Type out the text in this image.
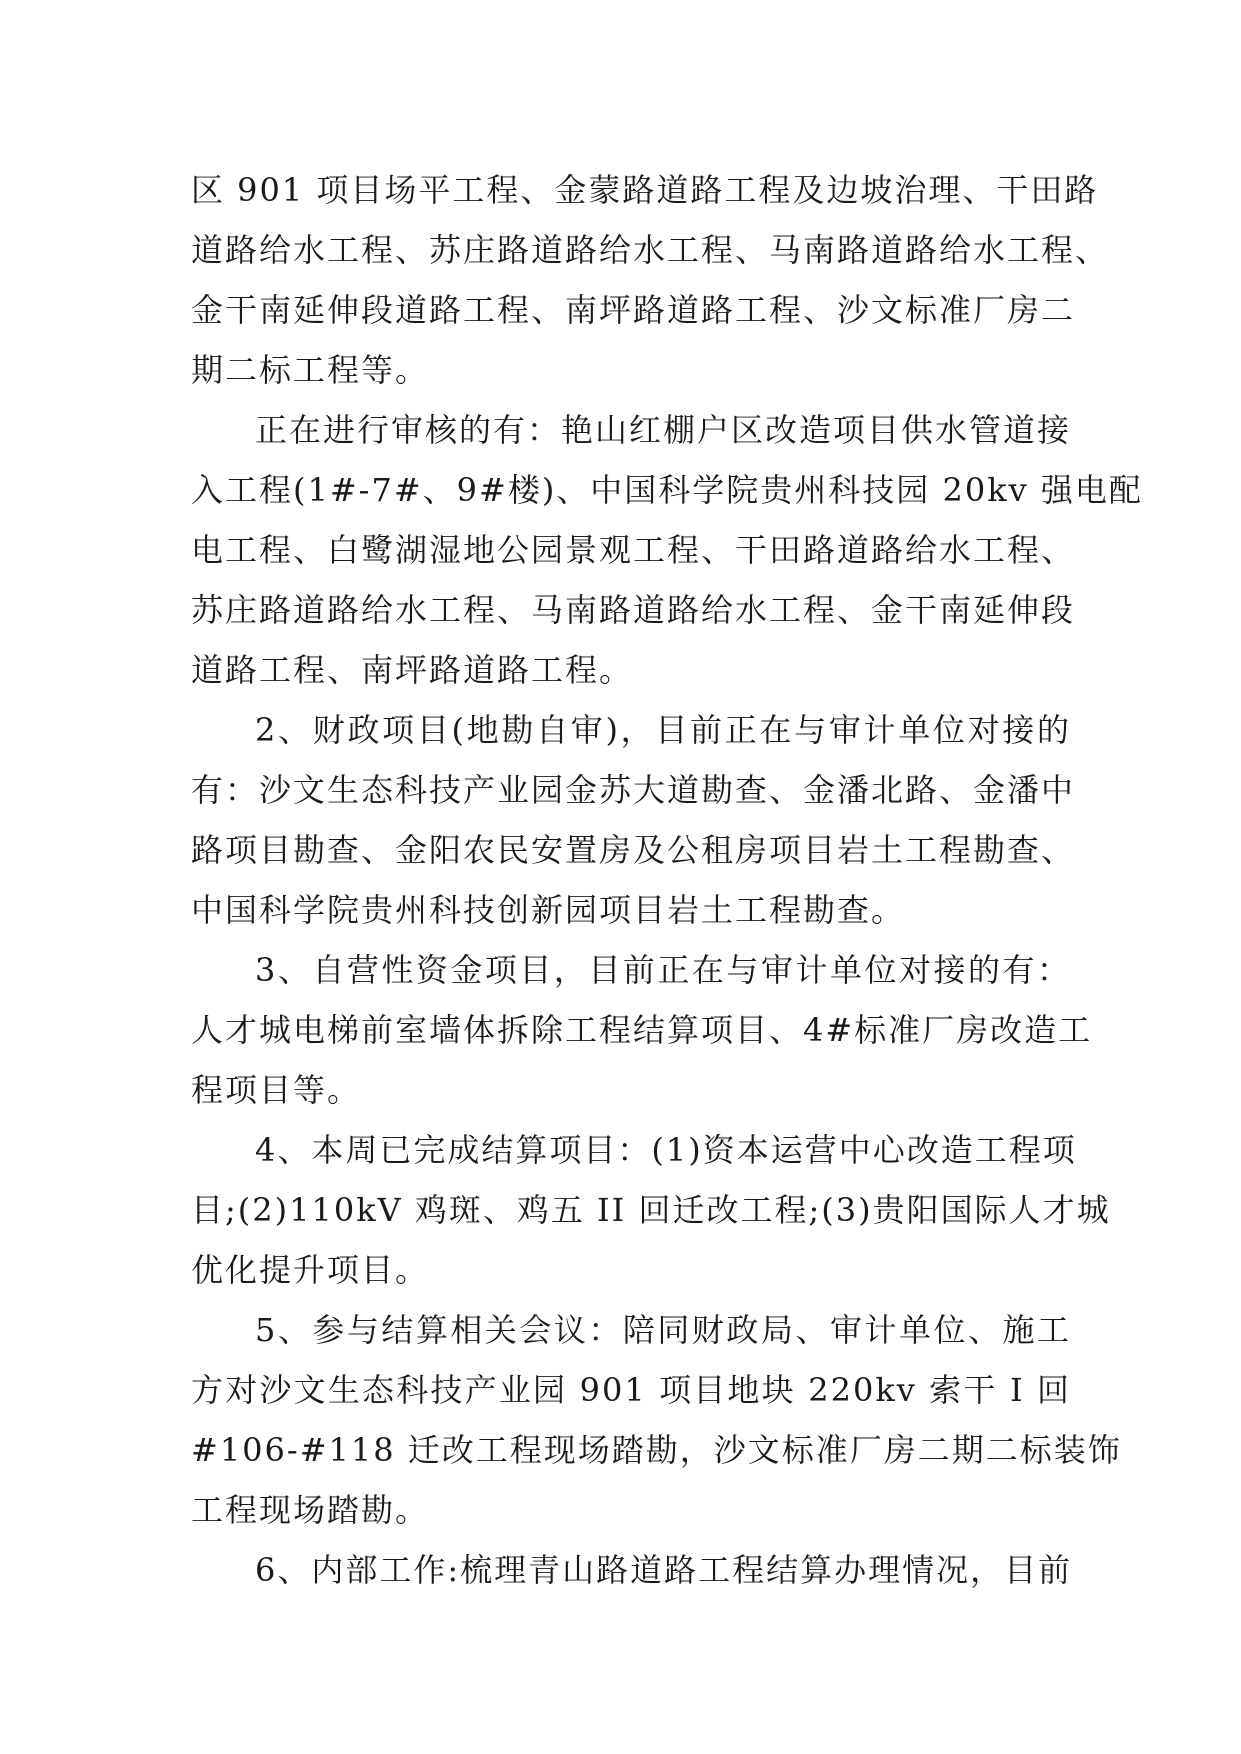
区 901 项目场平工程、金蒙路道路工程及边坡治理、干田路
道路给水工程、苏庄路道路给水工程、马南路道路给水工程、
金干南延伸段道路工程、南坪路道路工程、沙文标准厂房二
期二标工程等。
正在进行审核的有：艳山红棚户区改造项目供水管道接
入工程(1#-7#、9#楼)、中国科学院贵州科技园 20kv 强电配
电工程、白鹭湖湿地公园景观工程、干田路道路给水工程、
苏庄路道路给水工程、马南路道路给水工程、金干南延伸段
道路工程、南坪路道路工程。
2、财政项目(地勘自审)，目前正在与审计单位对接的
有：沙文生态科技产业园金苏大道勘查、金潘北路、金潘中
路项目勘查、金阳农民安置房及公租房项目岩土工程勘查、
中国科学院贵州科技创新园项目岩土工程勘查。
3、自营性资金项目，目前正在与审计单位对接的有：
人才城电梯前室墙体拆除工程结算项目、4#标准厂房改造工
程项目等。
4、本周已完成结算项目：(1)资本运营中心改造工程项
目;(2)110kV 鸡斑、鸡五 II 回迁改工程;(3)贵阳国际人才城
优化提升项目。
5、参与结算相关会议：陪同财政局、审计单位、施工
方对沙文生态科技产业园 901 项目地块 220kv 索干 I 回
#106-#118 迁改工程现场踏勘，沙文标准厂房二期二标装饰
工程现场踏勘。
6、内部工作:梳理青山路道路工程结算办理情况，目前
